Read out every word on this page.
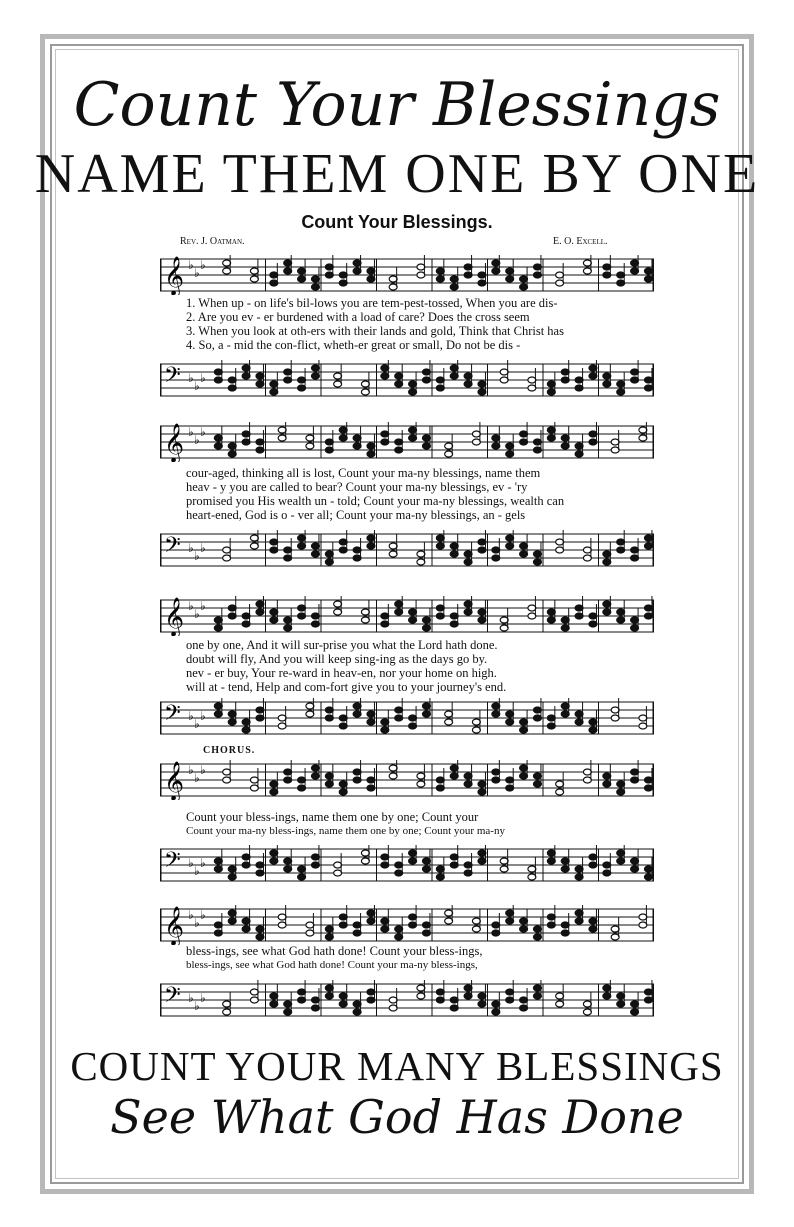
Count Your Blessings
NAME THEM ONE BY ONE
Count Your Blessings.
Rev. J. Oatman.	E. O. Excell.
𝄞 ♭
♭
♭
1. When up - on life's bil-lows you are tem-pest-tossed, When you are dis-
2. Are you ev - er burdened with a load of care? Does the cross seem
3. When you look at oth-ers with their lands and gold, Think that Christ has
4. So, a - mid the con-flict, wheth-er great or small, Do not be dis -
𝄢 ♭
♭
♭
𝄞 ♭
♭
♭
cour-aged, thinking all is lost, Count your ma-ny blessings, name them
heav - y you are called to bear? Count your ma-ny blessings, ev - 'ry
promised you His wealth un - told; Count your ma-ny blessings, wealth can
heart-ened, God is o - ver all; Count your ma-ny blessings, an - gels
𝄢 ♭
♭
♭
𝄞 ♭
♭
♭
one by one, And it will sur-prise you what the Lord hath done.
doubt will fly, And you will keep sing-ing as the days go by.
nev - er buy, Your re-ward in heav-en, nor your home on high.
will at - tend, Help and com-fort give you to your journey's end.
𝄢 ♭
♭
♭
CHORUS.
𝄞 ♭
♭
♭
Count your bless-ings, name them one by one; Count your
Count your ma-ny bless-ings, name them one by one; Count your ma-ny
𝄢 ♭
♭
♭
𝄞 ♭
♭
♭
bless-ings, see what God hath done! Count your bless-ings,
bless-ings, see what God hath done! Count your ma-ny bless-ings,
𝄢 ♭
♭
♭
COUNT YOUR MANY BLESSINGS
See What God Has Done
